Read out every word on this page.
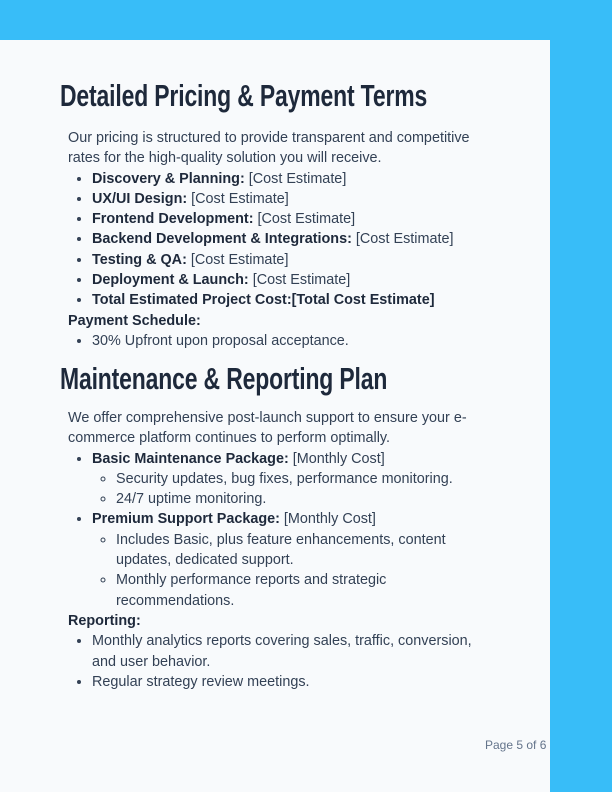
Detailed Pricing & Payment Terms

Our pricing is structured to provide transparent and competitive rates for the high-quality solution you will receive.

• Discovery & Planning: [Cost Estimate]
• UX/UI Design: [Cost Estimate]
• Frontend Development: [Cost Estimate]
• Backend Development & Integrations: [Cost Estimate]
• Testing & QA: [Cost Estimate]
• Deployment & Launch: [Cost Estimate]
• Total Estimated Project Cost:[Total Cost Estimate]

Payment Schedule:

• 30% Upfront upon proposal acceptance.
Maintenance & Reporting Plan

We offer comprehensive post-launch support to ensure your e-commerce platform continues to perform optimally.

• Basic Maintenance Package: [Monthly Cost]
◦ Security updates, bug fixes, performance monitoring.
◦ 24/7 uptime monitoring.
• Premium Support Package: [Monthly Cost]
◦ Includes Basic, plus feature enhancements, content updates, dedicated support.
◦ Monthly performance reports and strategic recommendations.

Reporting:

• Monthly analytics reports covering sales, traffic, conversion, and user behavior.
• Regular strategy review meetings.
Page 5 of 6
